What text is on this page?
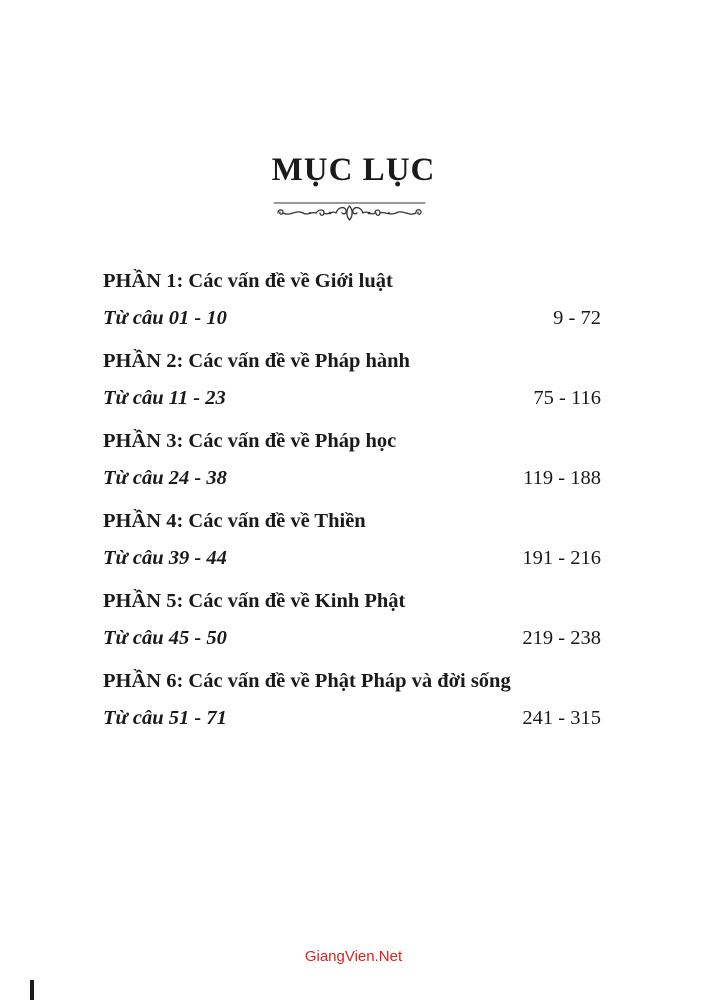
MỤC LỤC
PHẦN 1: Các vấn đề về Giới luật
Từ câu 01 - 10	9 - 72
PHẦN 2: Các vấn đề về Pháp hành
Từ câu 11 - 23	75 - 116
PHẦN 3: Các vấn đề về Pháp học
Từ câu 24 - 38	119 - 188
PHẦN 4: Các vấn đề về Thiền
Từ câu 39 - 44	191 - 216
PHẦN 5: Các vấn đề về Kinh Phật
Từ câu 45 - 50	219 - 238
PHẦN 6: Các vấn đề về Phật Pháp và đời sống
Từ câu 51 - 71	241 - 315
GiangVien.Net
